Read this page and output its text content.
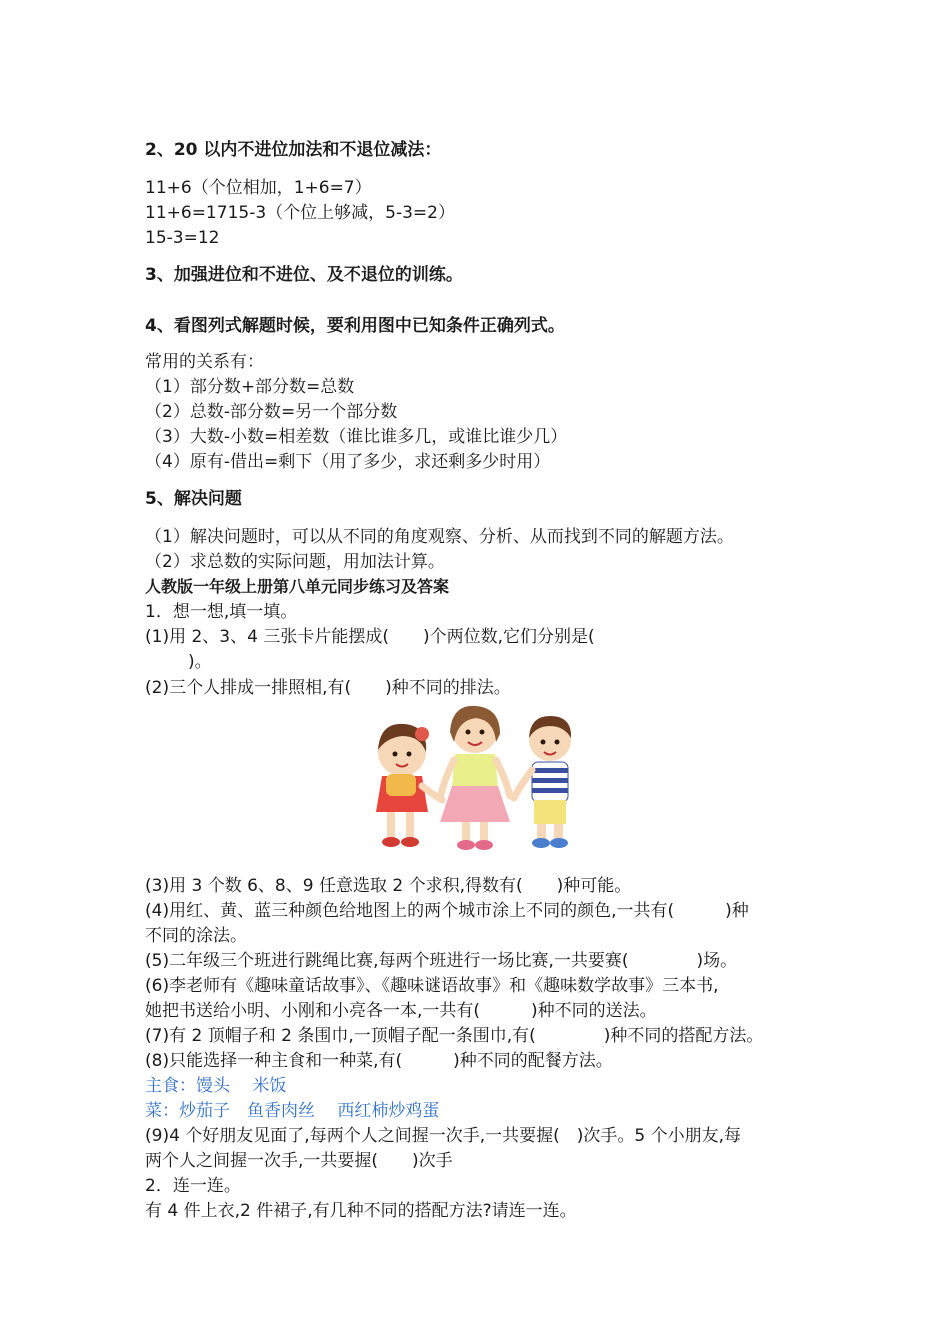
2、20 以内不进位加法和不退位减法：
11+6（个位相加，1+6=7）
11+6=1715-3（个位上够减，5-3=2）
15-3=12
3、加强进位和不进位、及不退位的训练。
4、看图列式解题时候，要利用图中已知条件正确列式。
常用的关系有：
（1）部分数+部分数=总数
（2）总数-部分数=另一个部分数
（3）大数-小数=相差数（谁比谁多几，或谁比谁少几）
（4）原有-借出=剩下（用了多少，求还剩多少时用）
5、解决问题
（1）解决问题时，可以从不同的角度观察、分析、从而找到不同的解题方法。
（2）求总数的实际问题，用加法计算。
人教版一年级上册第八单元同步练习及答案
1．想一想,填一填。
(1)用 2、3、4 三张卡片能摆成(　　)个两位数,它们分别是(
)。
(2)三个人排成一排照相,有(　　)种不同的排法。
(3)用 3 个数 6、8、9 任意选取 2 个求积,得数有(　　)种可能。
(4)用红、黄、蓝三种颜色给地图上的两个城市涂上不同的颜色,一共有(　　　)种
不同的涂法。
(5)二年级三个班进行跳绳比赛,每两个班进行一场比赛,一共要赛(　　　　)场。
(6)李老师有《趣味童话故事》、《趣味谜语故事》和《趣味数学故事》三本书,
她把书送给小明、小刚和小亮各一本,一共有(　　　)种不同的送法。
(7)有 2 顶帽子和 2 条围巾,一顶帽子配一条围巾,有(　　　　)种不同的搭配方法。
(8)只能选择一种主食和一种菜,有(　　　)种不同的配餐方法。
主食：馒头　 米饭
菜：炒茄子　鱼香肉丝　 西红柿炒鸡蛋
(9)4 个好朋友见面了,每两个人之间握一次手,一共要握(　)次手。5 个小朋友,每
两个人之间握一次手,一共要握(　　)次手
2．连一连。
有 4 件上衣,2 件裙子,有几种不同的搭配方法?请连一连。
